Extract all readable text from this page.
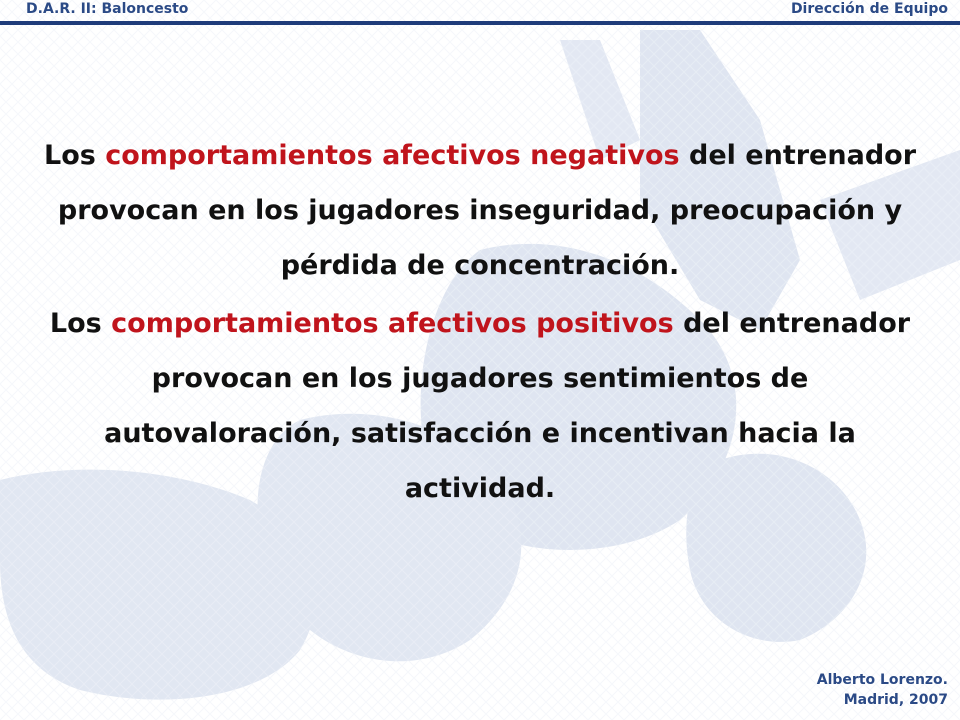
D.A.R. II: Baloncesto	Dirección de Equipo

Los comportamientos afectivos negativos del entrenador provocan en los jugadores inseguridad, preocupación y pérdida de concentración.

Los comportamientos afectivos positivos del entrenador provocan en los jugadores sentimientos de autovaloración, satisfacción e incentivan hacia la actividad.

Alberto Lorenzo.
Madrid, 2007
